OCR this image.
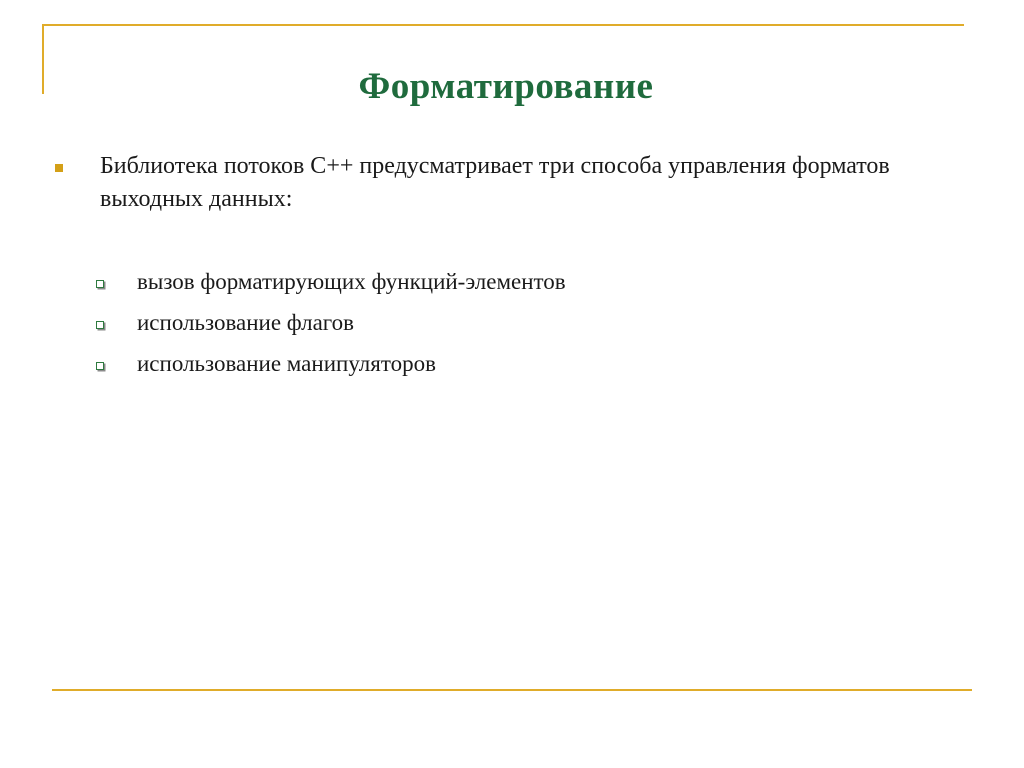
Форматирование
Библиотека потоков С++ предусматривает три способа управления форматов выходных данных:
вызов форматирующих функций-элементов
использование флагов
использование манипуляторов
